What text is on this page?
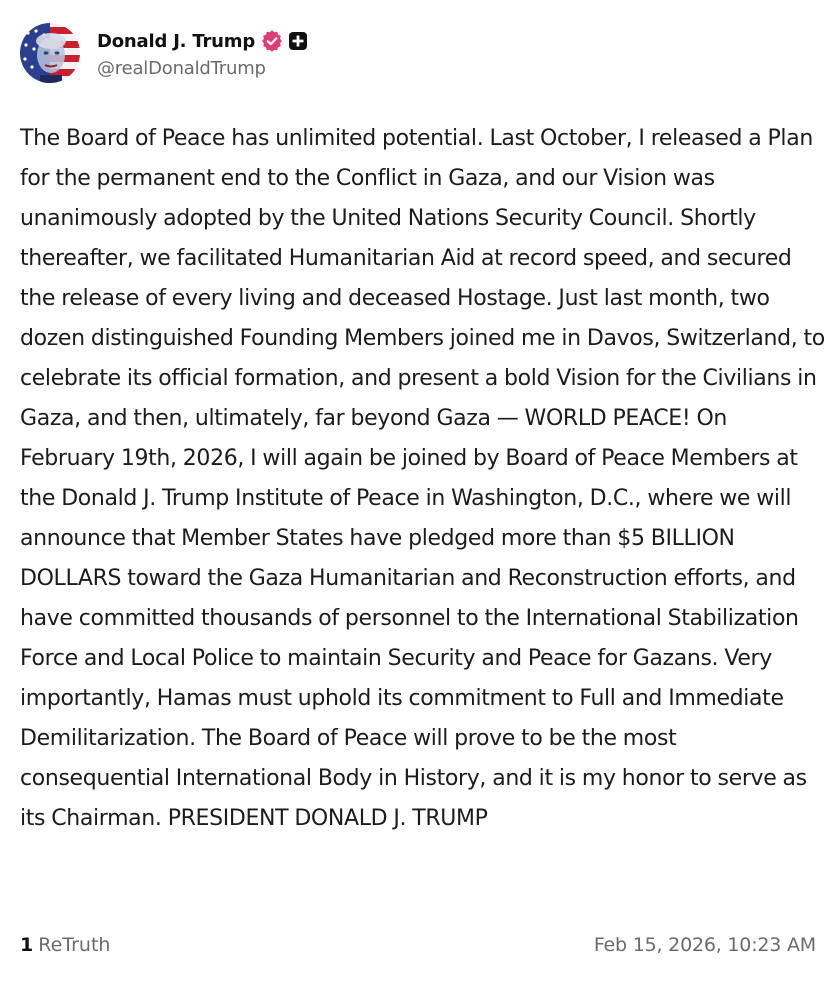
Donald J. Trump
@realDonaldTrump

The Board of Peace has unlimited potential. Last October, I released a Plan for the permanent end to the Conflict in Gaza, and our Vision was unanimously adopted by the United Nations Security Council. Shortly thereafter, we facilitated Humanitarian Aid at record speed, and secured the release of every living and deceased Hostage. Just last month, two dozen distinguished Founding Members joined me in Davos, Switzerland, to celebrate its official formation, and present a bold Vision for the Civilians in Gaza, and then, ultimately, far beyond Gaza — WORLD PEACE! On February 19th, 2026, I will again be joined by Board of Peace Members at the Donald J. Trump Institute of Peace in Washington, D.C., where we will announce that Member States have pledged more than $5 BILLION DOLLARS toward the Gaza Humanitarian and Reconstruction efforts, and have committed thousands of personnel to the International Stabilization Force and Local Police to maintain Security and Peace for Gazans. Very importantly, Hamas must uphold its commitment to Full and Immediate Demilitarization. The Board of Peace will prove to be the most consequential International Body in History, and it is my honor to serve as its Chairman. PRESIDENT DONALD J. TRUMP

1 ReTruth	Feb 15, 2026, 10:23 AM
